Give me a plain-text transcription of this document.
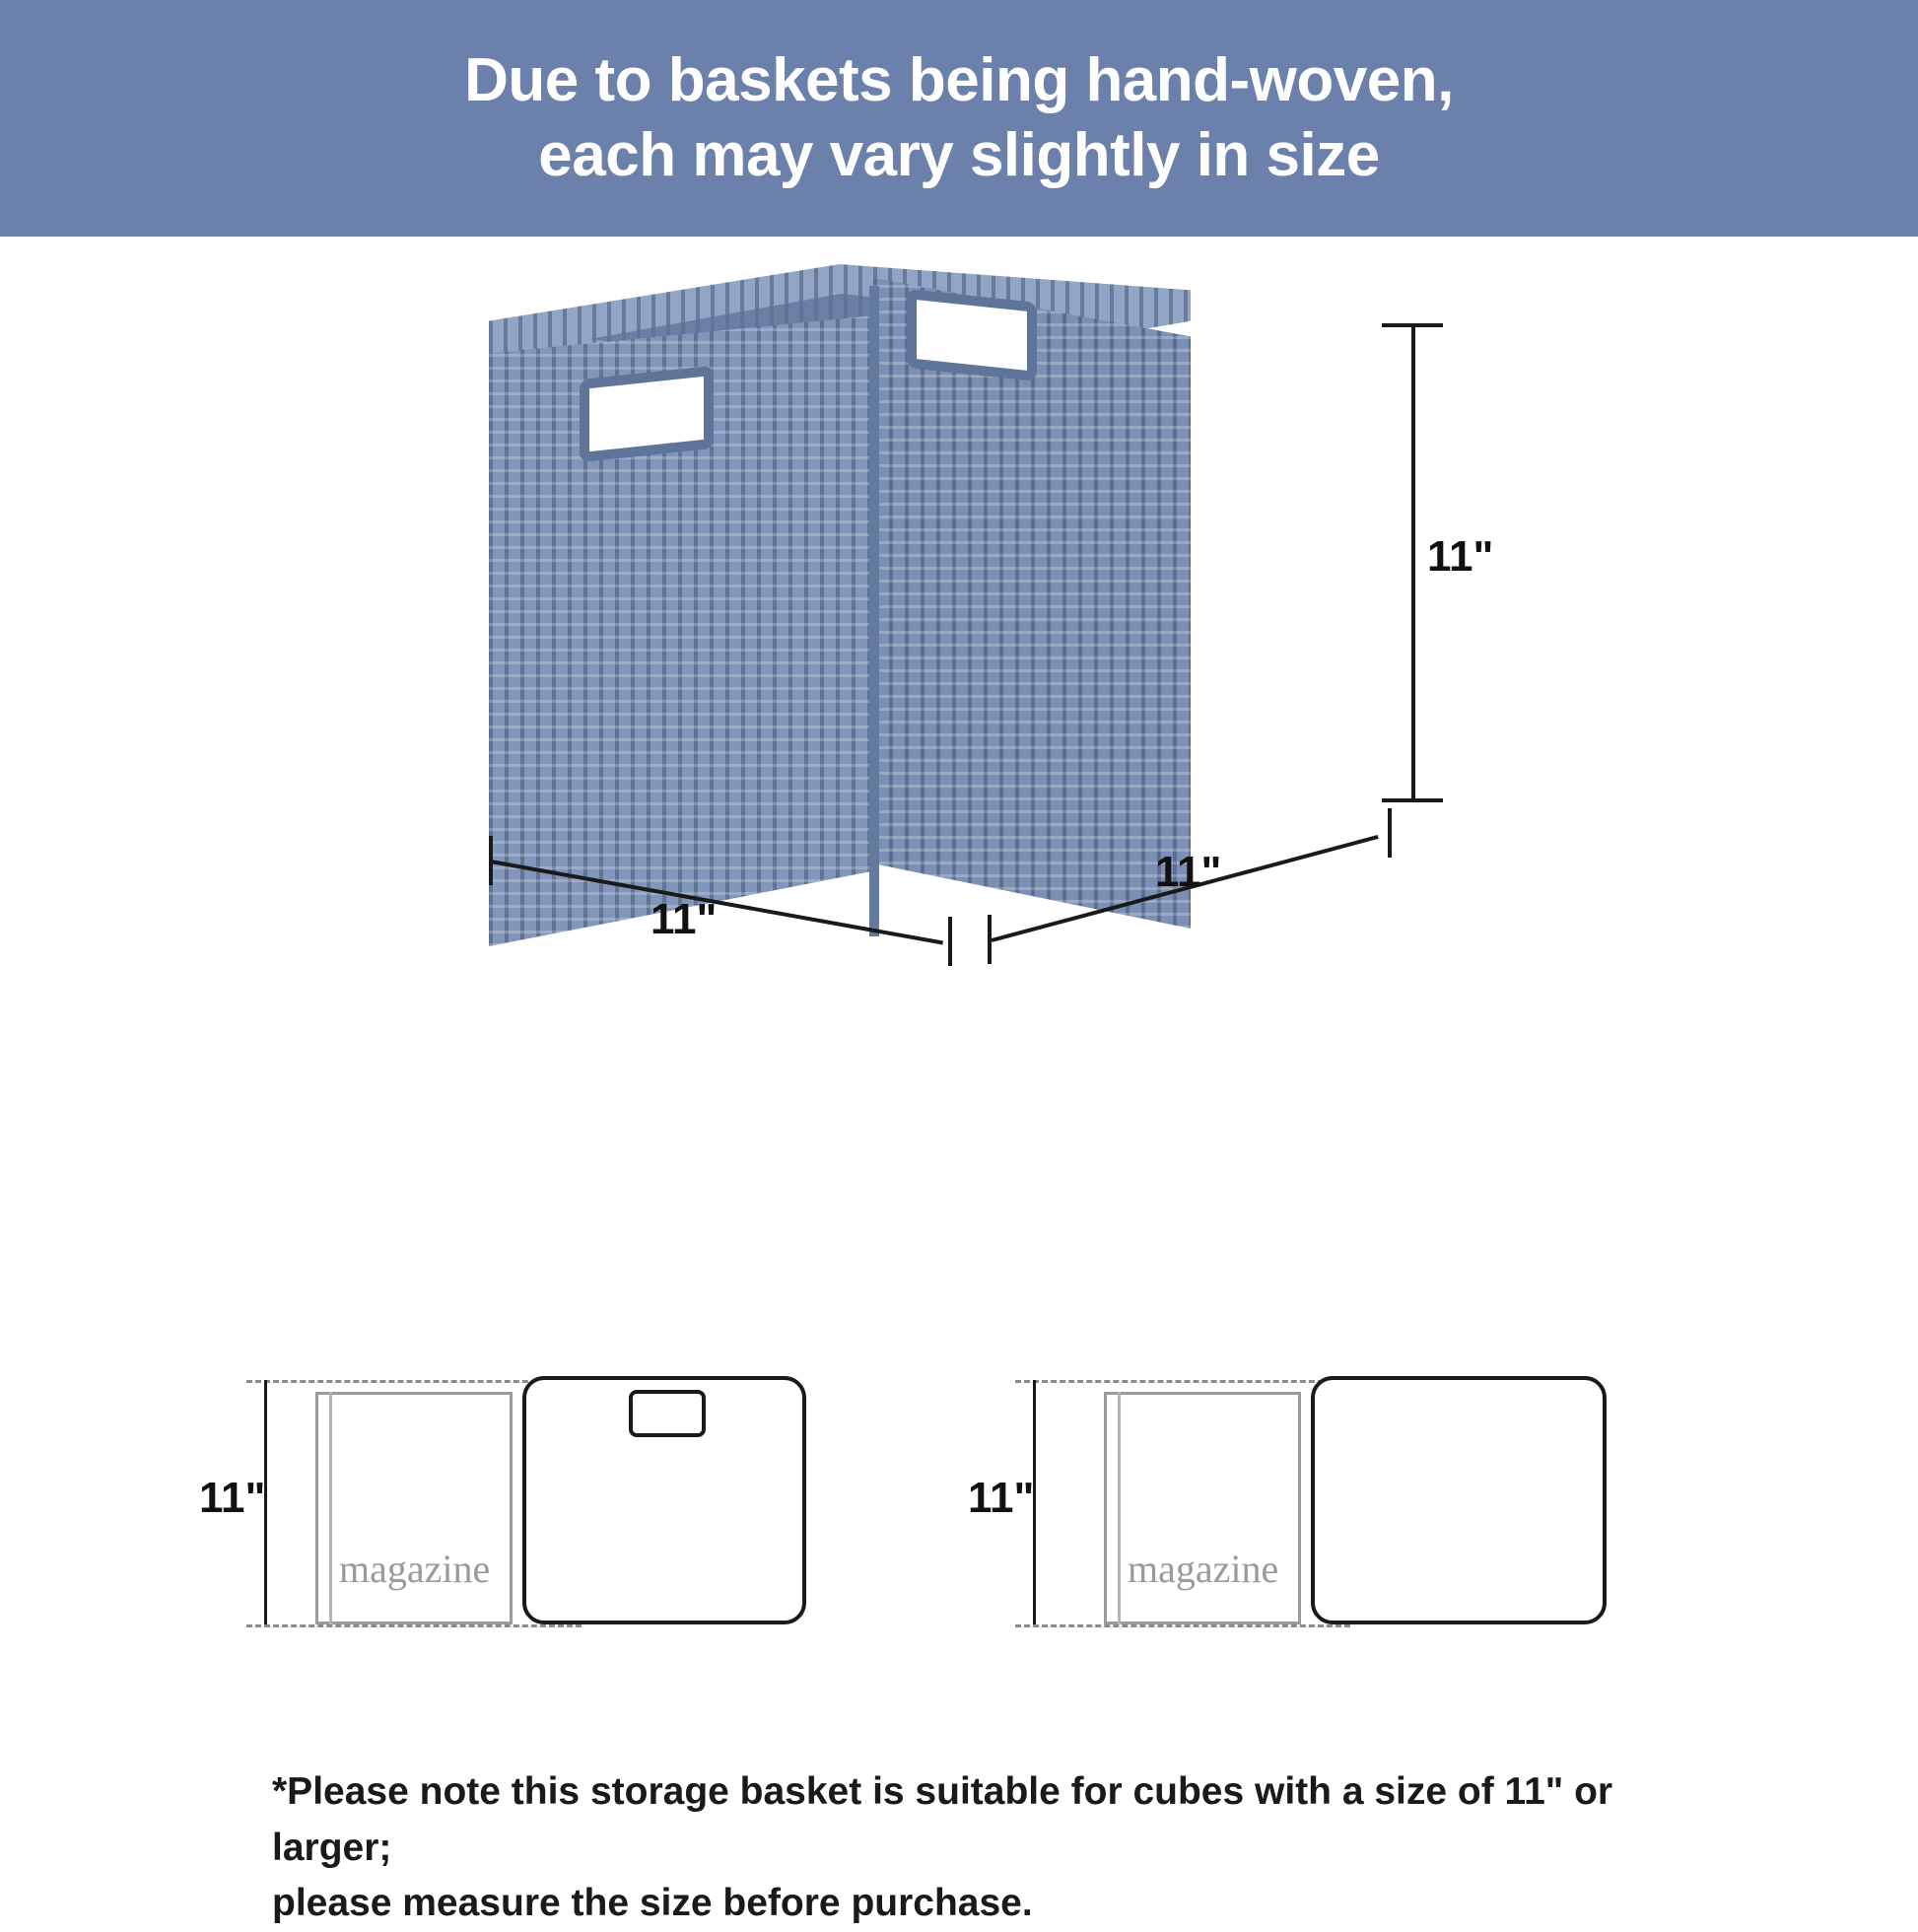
Due to baskets being hand-woven,
each may vary slightly in size
11"
11"
11"
11"
magazine
11"
magazine
*Please note this storage basket is suitable for cubes with a size of 11" or larger;
please measure the size before purchase.
